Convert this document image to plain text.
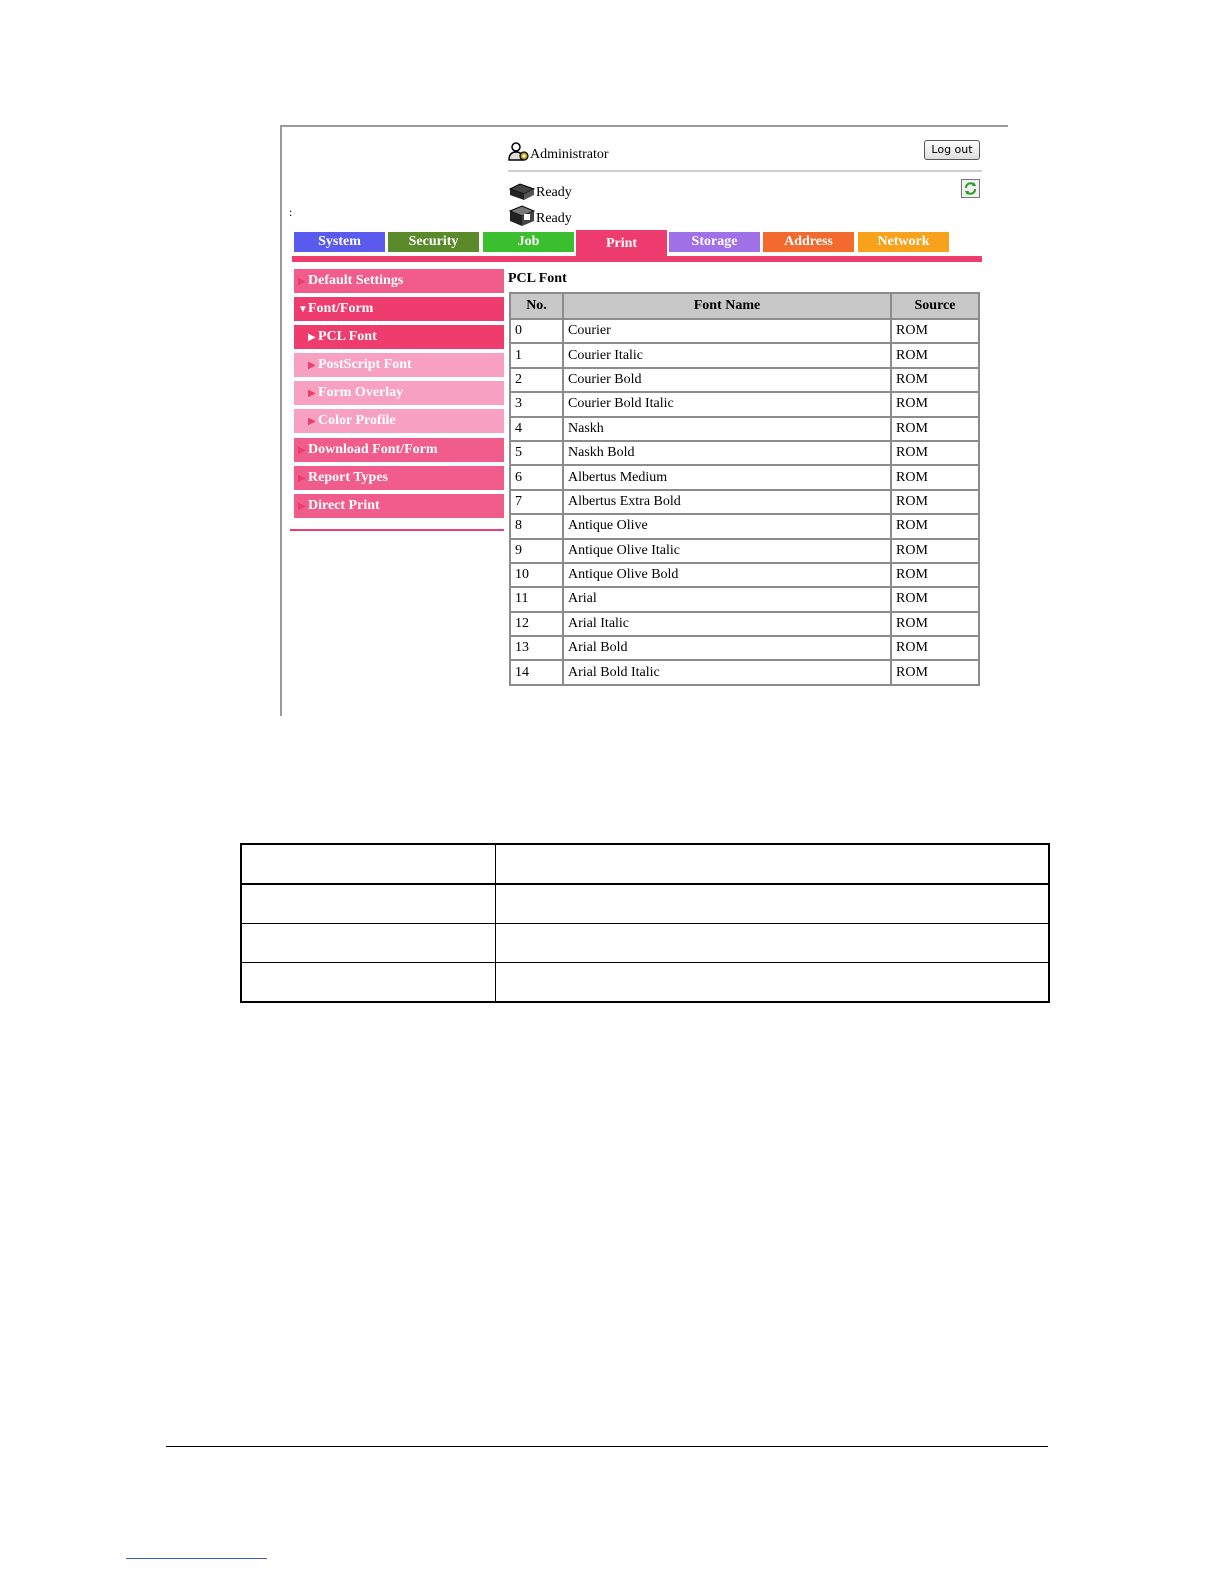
:
Administrator	Log out
Ready
Ready
System	Security	Job	Print	Storage	Address	Network
▶ Default Settings
▼Font/Form
▶ PCL Font
▶ PostScript Font
▶ Form Overlay
▶ Color Profile
▶ Download Font/Form
▶ Report Types
▶ Direct Print
PCL Font
No.	Font Name	Source
0	Courier	ROM
1	Courier Italic	ROM
2	Courier Bold	ROM
3	Courier Bold Italic	ROM
4	Naskh	ROM
5	Naskh Bold	ROM
6	Albertus Medium	ROM
7	Albertus Extra Bold	ROM
8	Antique Olive	ROM
9	Antique Olive Italic	ROM
10	Antique Olive Bold	ROM
11	Arial	ROM
12	Arial Italic	ROM
13	Arial Bold	ROM
14	Arial Bold Italic	ROM
